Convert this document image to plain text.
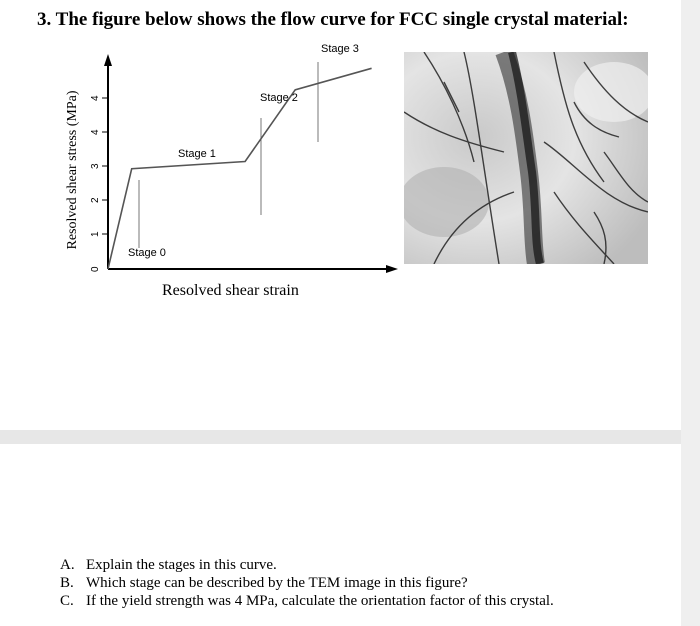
3. The figure below shows the flow curve for FCC single crystal material:
0
1
2
3
4
4
Stage 0
Stage 1
Stage 2
Stage 3
Resolved shear stress (MPa)
Resolved shear strain
A. Explain the stages in this curve.
B. Which stage can be described by the TEM image in this figure?
C. If the yield strength was 4 MPa, calculate the orientation factor of this crystal.
